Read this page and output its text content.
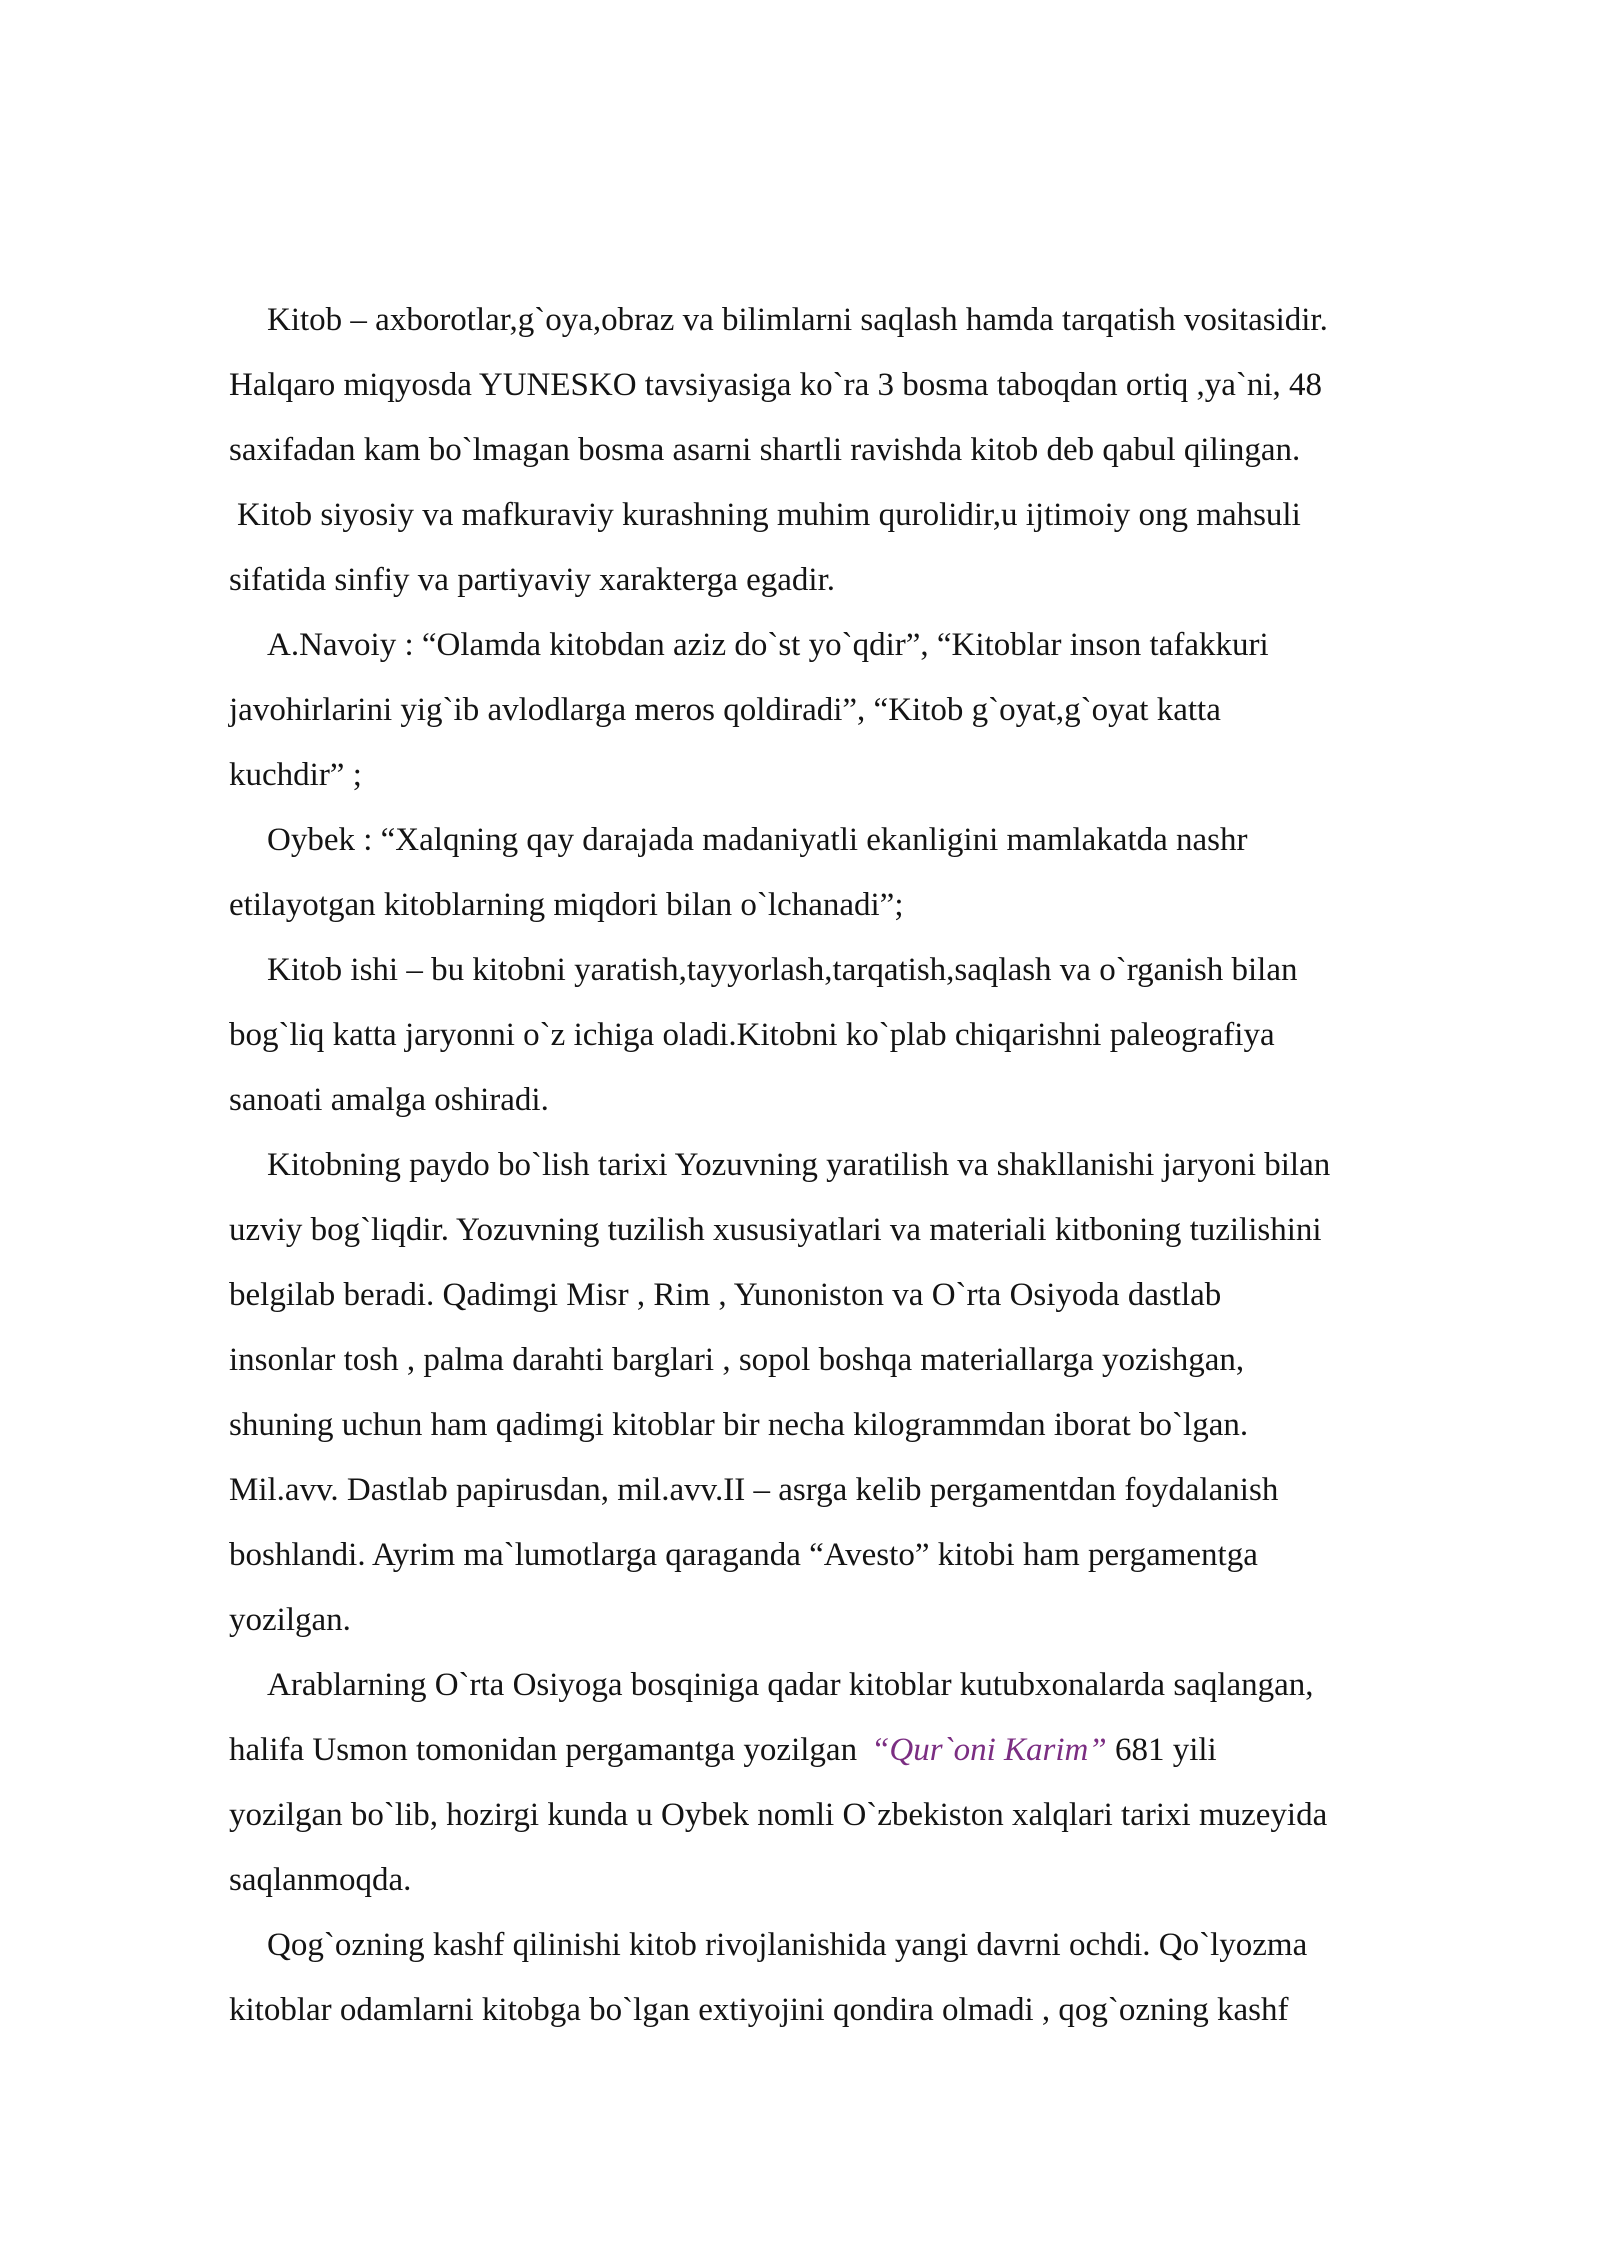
Kitob – axborotlar,g`oya,obraz va bilimlarni saqlash hamda tarqatish vositasidir.
Halqaro miqyosda YUNESKO tavsiyasiga ko`ra 3 bosma taboqdan ortiq ,ya`ni, 48
saxifadan kam bo`lmagan bosma asarni shartli ravishda kitob deb qabul qilingan.
Kitob siyosiy va mafkuraviy kurashning muhim qurolidir,u ijtimoiy ong mahsuli
sifatida sinfiy va partiyaviy xarakterga egadir.
A.Navoiy : “Olamda kitobdan aziz do`st yo`qdir”, “Kitoblar inson tafakkuri
javohirlarini yig`ib avlodlarga meros qoldiradi”, “Kitob g`oyat,g`oyat katta
kuchdir” ;
Oybek : “Xalqning qay darajada madaniyatli ekanligini mamlakatda nashr
etilayotgan kitoblarning miqdori bilan o`lchanadi”;
Kitob ishi – bu kitobni yaratish,tayyorlash,tarqatish,saqlash va o`rganish bilan
bog`liq katta jaryonni o`z ichiga oladi.Kitobni ko`plab chiqarishni paleografiya
sanoati amalga oshiradi.
Kitobning paydo bo`lish tarixi Yozuvning yaratilish va shakllanishi jaryoni bilan
uzviy bog`liqdir. Yozuvning tuzilish xususiyatlari va materiali kitboning tuzilishini
belgilab beradi. Qadimgi Misr , Rim , Yunoniston va O`rta Osiyoda dastlab
insonlar tosh , palma darahti barglari , sopol boshqa materiallarga yozishgan,
shuning uchun ham qadimgi kitoblar bir necha kilogrammdan iborat bo`lgan.
Mil.avv. Dastlab papirusdan, mil.avv.II – asrga kelib pergamentdan foydalanish
boshlandi. Ayrim ma`lumotlarga qaraganda “Avesto” kitobi ham pergamentga
yozilgan.
Arablarning O`rta Osiyoga bosqiniga qadar kitoblar kutubxonalarda saqlangan,
halifa Usmon tomonidan pergamantga yozilgan “Qur`oni Karim” 681 yili
yozilgan bo`lib, hozirgi kunda u Oybek nomli O`zbekiston xalqlari tarixi muzeyida
saqlanmoqda.
Qog`ozning kashf qilinishi kitob rivojlanishida yangi davrni ochdi. Qo`lyozma
kitoblar odamlarni kitobga bo`lgan extiyojini qondira olmadi , qog`ozning kashf
